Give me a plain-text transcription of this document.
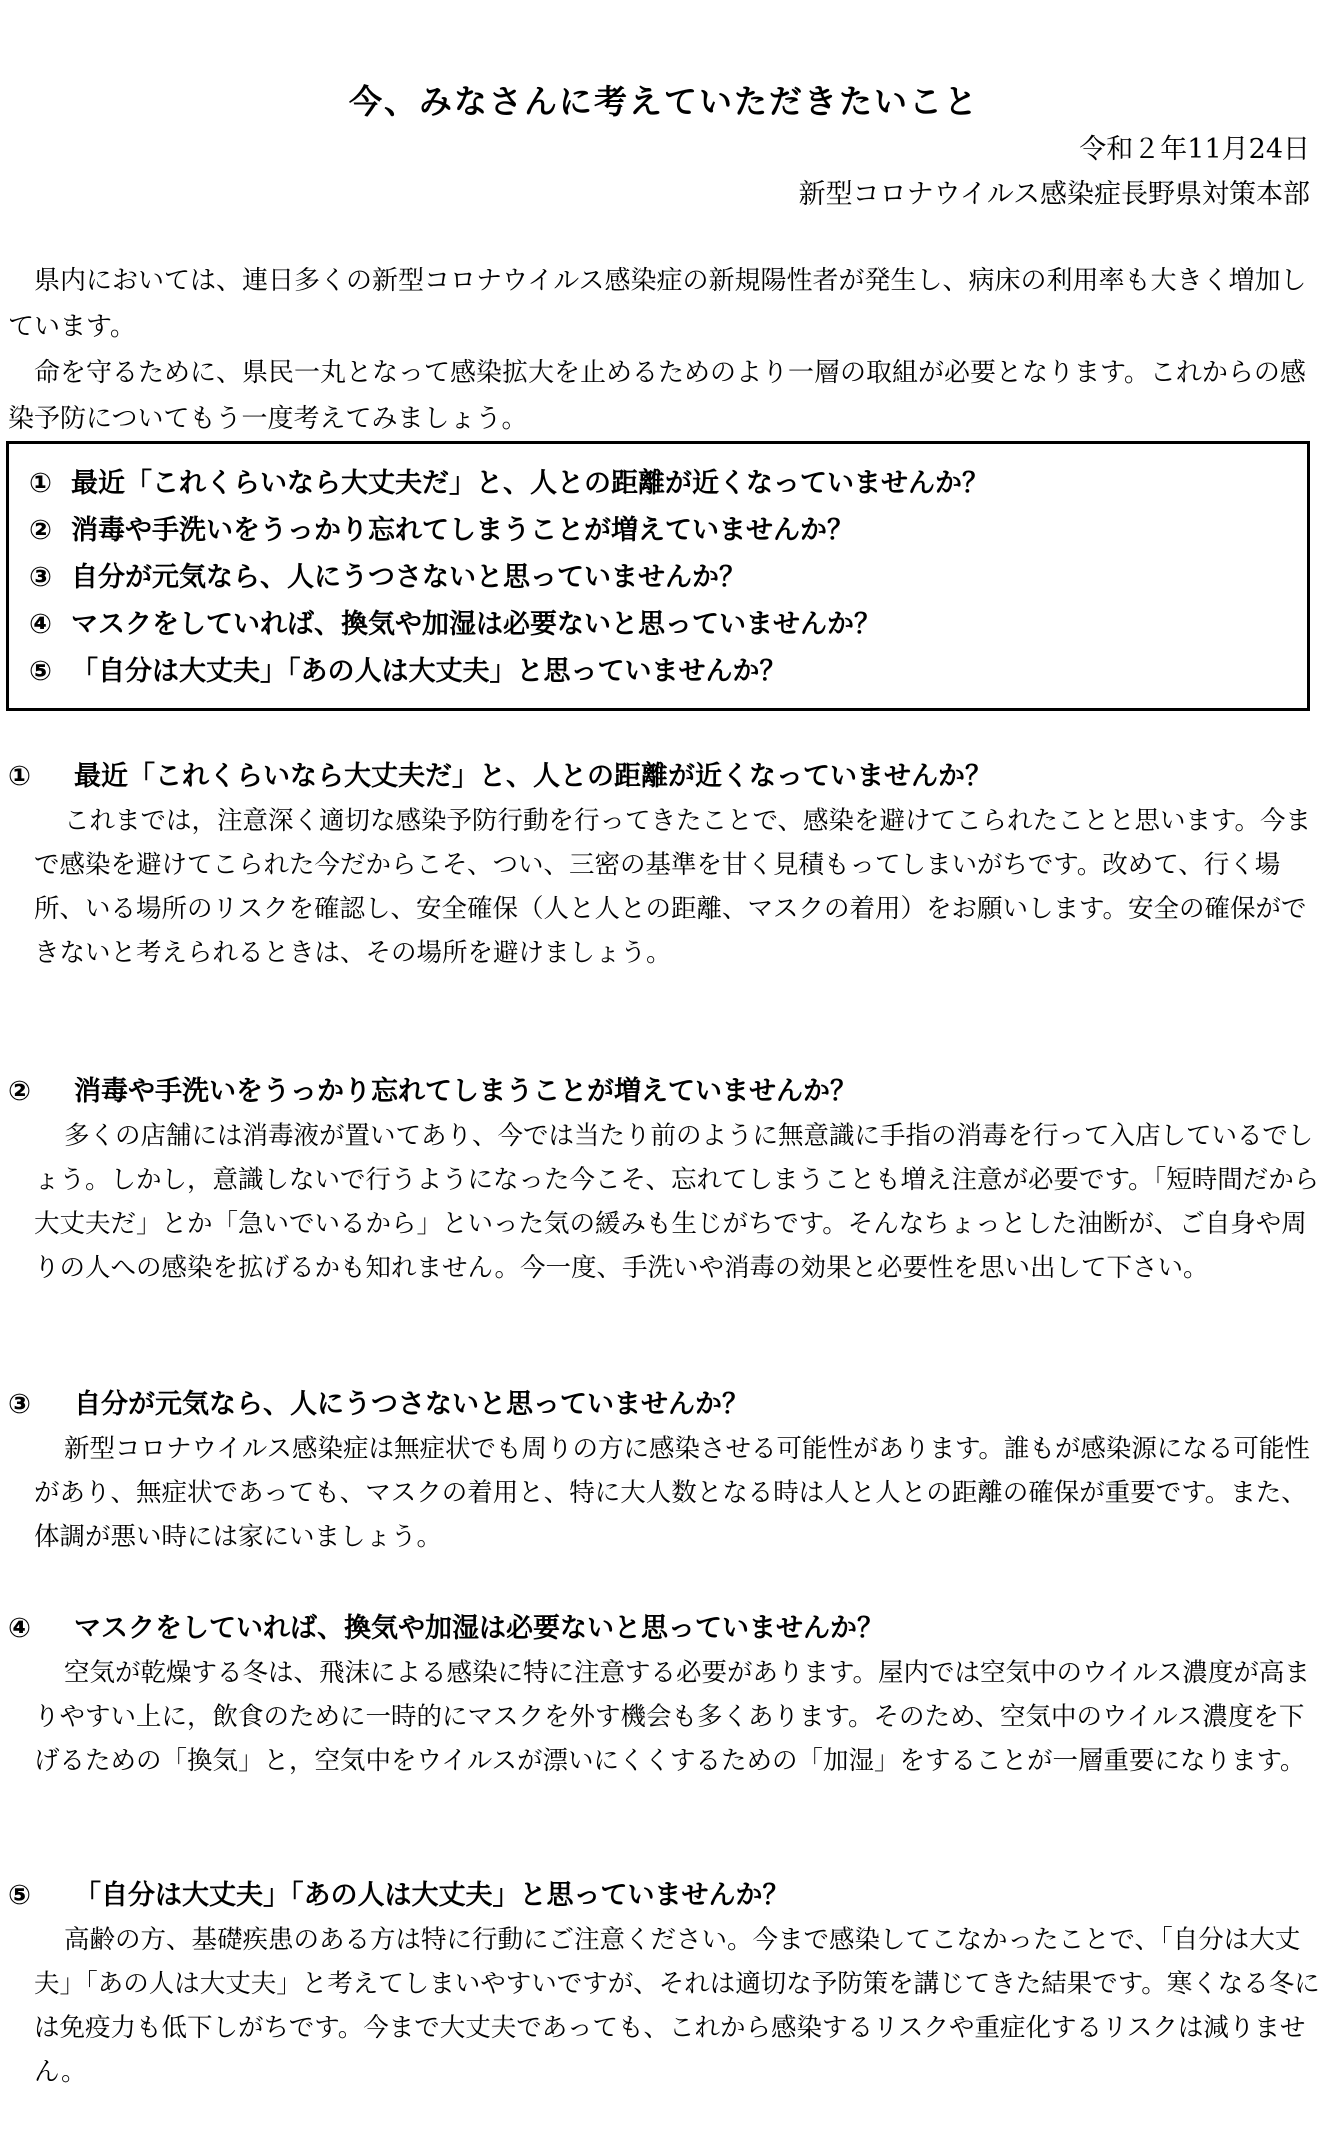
今、みなさんに考えていただきたいこと
令和２年11月24日
新型コロナウイルス感染症長野県対策本部

県内においては、連日多くの新型コロナウイルス感染症の新規陽性者が発生し、病床の利用率も大きく増加しています。

命を守るために、県民一丸となって感染拡大を止めるためのより一層の取組が必要となります。これからの感染予防についてもう一度考えてみましょう。

① 最近「これくらいなら大丈夫だ」と、人との距離が近くなっていませんか？
② 消毒や手洗いをうっかり忘れてしまうことが増えていませんか？
③ 自分が元気なら、人にうつさないと思っていませんか？
④ マスクをしていれば、換気や加湿は必要ないと思っていませんか？
⑤ 「自分は大丈夫」「あの人は大丈夫」と思っていませんか？
① 最近「これくらいなら大丈夫だ」と、人との距離が近くなっていませんか？

これまでは，注意深く適切な感染予防行動を行ってきたことで、感染を避けてこられたことと思います。今まで感染を避けてこられた今だからこそ、つい、三密の基準を甘く見積もってしまいがちです。改めて、行く場所、いる場所のリスクを確認し、安全確保（人と人との距離、マスクの着用）をお願いします。安全の確保ができないと考えられるときは、その場所を避けましょう。

② 消毒や手洗いをうっかり忘れてしまうことが増えていませんか？

多くの店舗には消毒液が置いてあり、今では当たり前のように無意識に手指の消毒を行って入店しているでしょう。しかし，意識しないで行うようになった今こそ、忘れてしまうことも増え注意が必要です。「短時間だから大丈夫だ」とか「急いでいるから」といった気の緩みも生じがちです。そんなちょっとした油断が、ご自身や周りの人への感染を拡げるかも知れません。今一度、手洗いや消毒の効果と必要性を思い出して下さい。

③ 自分が元気なら、人にうつさないと思っていませんか？

新型コロナウイルス感染症は無症状でも周りの方に感染させる可能性があります。誰もが感染源になる可能性があり、無症状であっても、マスクの着用と、特に大人数となる時は人と人との距離の確保が重要です。また、体調が悪い時には家にいましょう。

④ マスクをしていれば、換気や加湿は必要ないと思っていませんか？

空気が乾燥する冬は、飛沫による感染に特に注意する必要があります。屋内では空気中のウイルス濃度が高まりやすい上に，飲食のために一時的にマスクを外す機会も多くあります。そのため、空気中のウイルス濃度を下げるための「換気」と，空気中をウイルスが漂いにくくするための「加湿」をすることが一層重要になります。

⑤ 「自分は大丈夫」「あの人は大丈夫」と思っていませんか？

高齢の方、基礎疾患のある方は特に行動にご注意ください。今まで感染してこなかったことで、「自分は大丈夫」「あの人は大丈夫」と考えてしまいやすいですが、それは適切な予防策を講じてきた結果です。寒くなる冬には免疫力も低下しがちです。今まで大丈夫であっても、これから感染するリスクや重症化するリスクは減りません。
